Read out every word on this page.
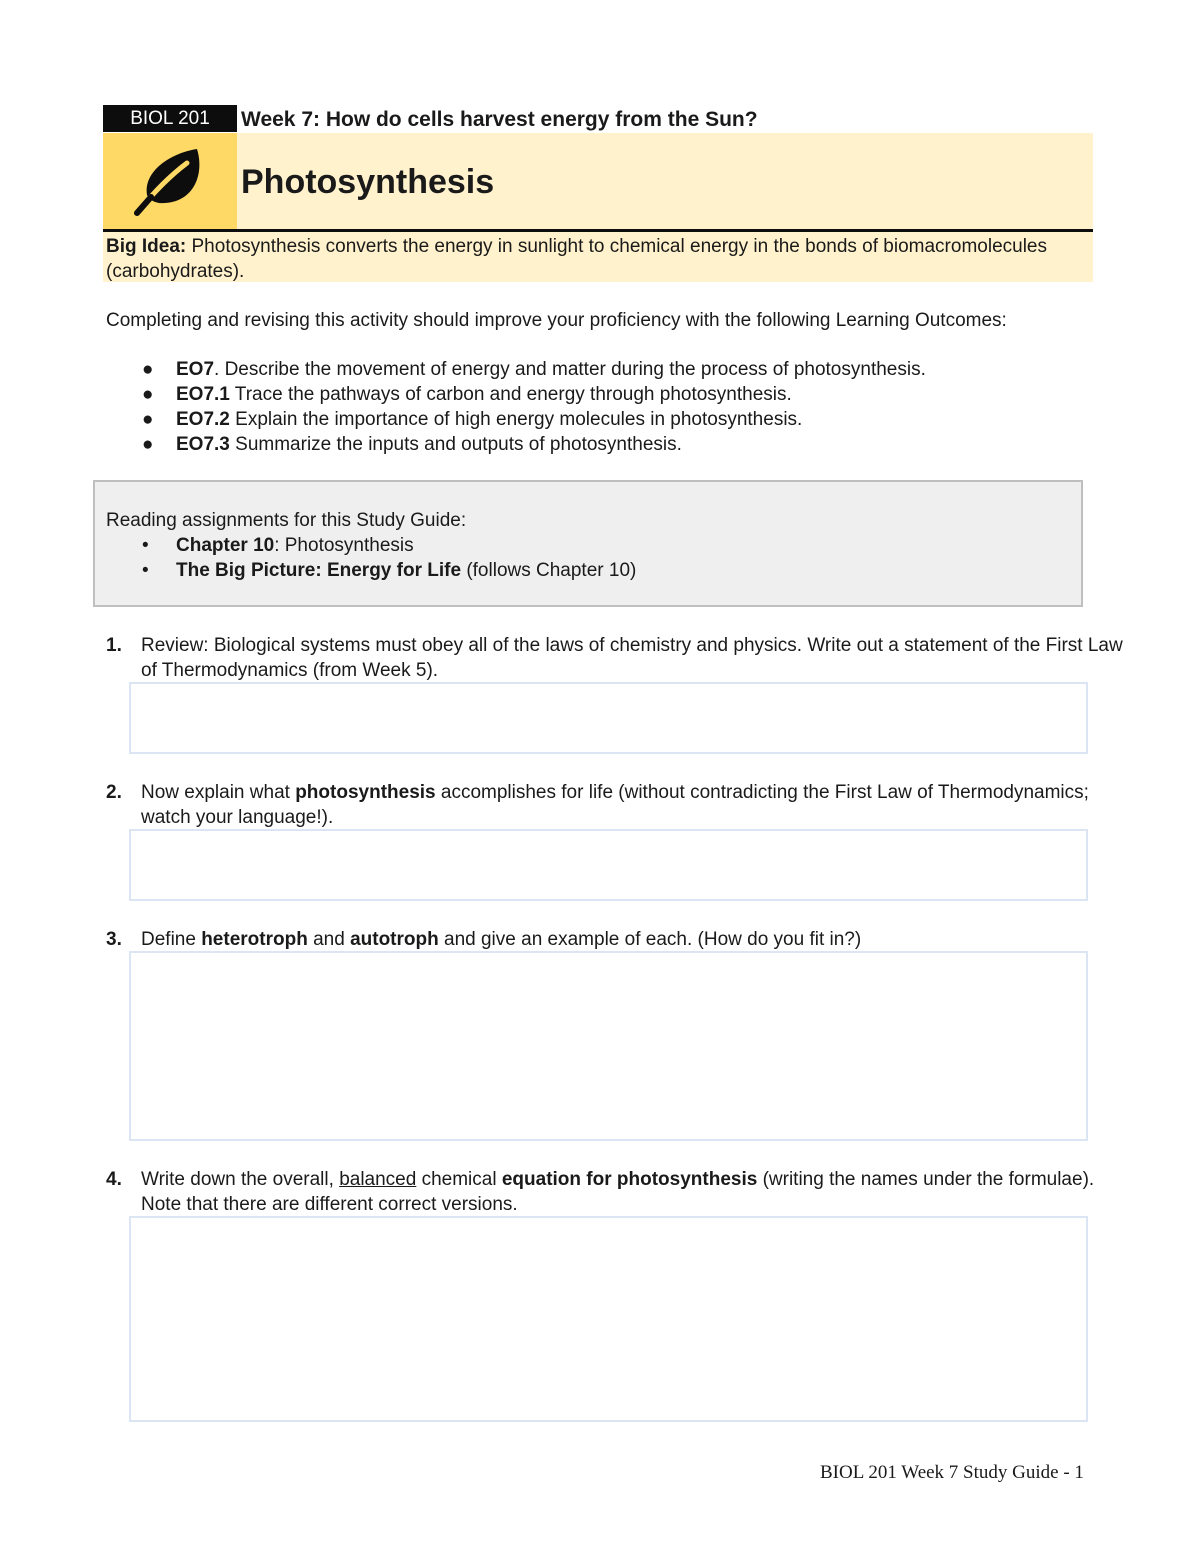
BIOL 201	Week 7: How do cells harvest energy from the Sun?
Photosynthesis
Big Idea: Photosynthesis converts the energy in sunlight to chemical energy in the bonds of biomacromolecules (carbohydrates).
Completing and revising this activity should improve your proficiency with the following Learning Outcomes:
● EO7. Describe the movement of energy and matter during the process of photosynthesis.
● EO7.1 Trace the pathways of carbon and energy through photosynthesis.
● EO7.2 Explain the importance of high energy molecules in photosynthesis.
● EO7.3 Summarize the inputs and outputs of photosynthesis.
Reading assignments for this Study Guide:
• Chapter 10: Photosynthesis
• The Big Picture: Energy for Life (follows Chapter 10)
1.	Review: Biological systems must obey all of the laws of chemistry and physics. Write out a statement of the First Law of Thermodynamics (from Week 5).
2.	Now explain what photosynthesis accomplishes for life (without contradicting the First Law of Thermodynamics; watch your language!).
3.	Define heterotroph and autotroph and give an example of each. (How do you fit in?)
4.	Write down the overall, balanced chemical equation for photosynthesis (writing the names under the formulae). Note that there are different correct versions.
BIOL 201 Week 7 Study Guide - 1
